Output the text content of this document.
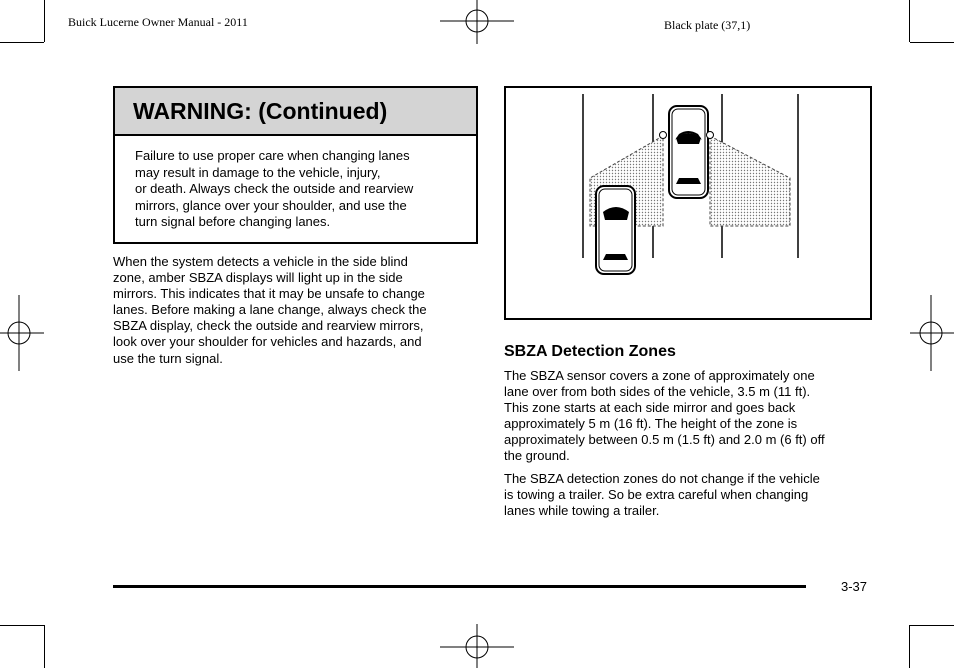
Buick Lucerne Owner Manual - 2011	Black plate (37,1)
WARNING: (Continued)
Failure to use proper care when changing lanes
may result in damage to the vehicle, injury,
or death. Always check the outside and rearview
mirrors, glance over your shoulder, and use the
turn signal before changing lanes.
When the system detects a vehicle in the side blind
zone, amber SBZA displays will light up in the side
mirrors. This indicates that it may be unsafe to change
lanes. Before making a lane change, always check the
SBZA display, check the outside and rearview mirrors,
look over your shoulder for vehicles and hazards, and
use the turn signal.	SBZA Detection Zones
The SBZA sensor covers a zone of approximately one
lane over from both sides of the vehicle, 3.5 m (11 ft).
This zone starts at each side mirror and goes back
approximately 5 m (16 ft). The height of the zone is
approximately between 0.5 m (1.5 ft) and 2.0 m (6 ft) off
the ground.
The SBZA detection zones do not change if the vehicle
is towing a trailer. So be extra careful when changing
lanes while towing a trailer.
3-37
